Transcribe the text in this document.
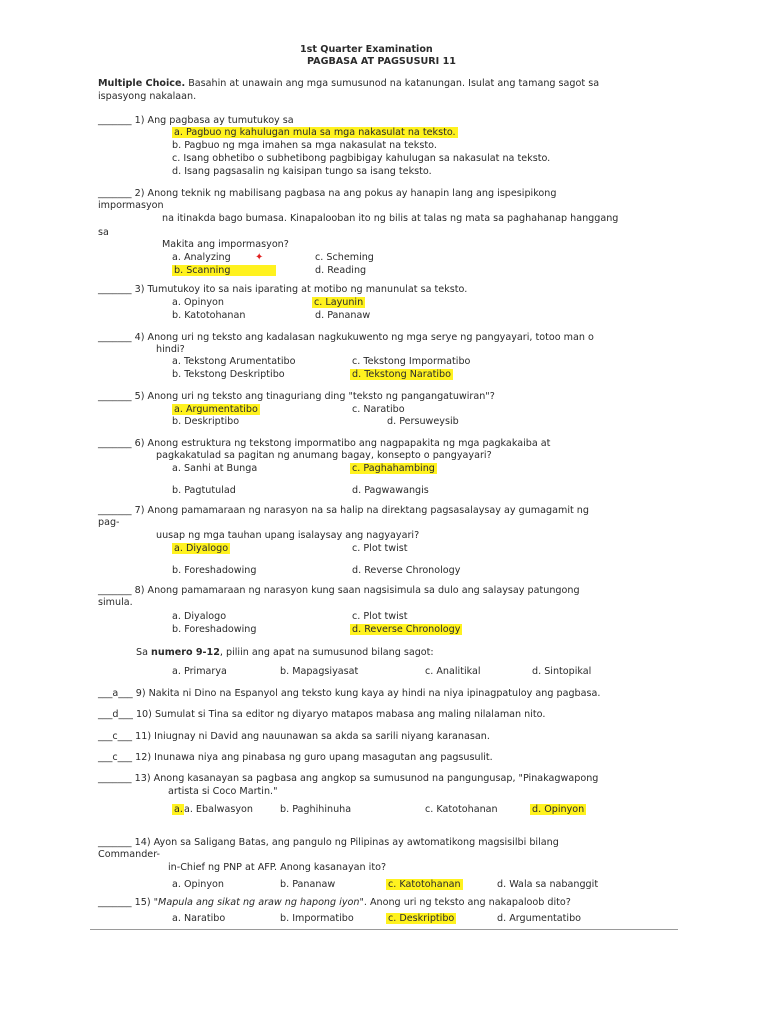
1st Quarter Examination
PAGBASA AT PAGSUSURI 11
Multiple Choice. Basahin at unawain ang mga sumusunod na katanungan. Isulat ang tamang sagot sa
ispasyong nakalaan.
_______ 1) Ang pagbasa ay tumutukoy sa
a. Pagbuo ng kahulugan mula sa mga nakasulat na teksto.
b. Pagbuo ng mga imahen sa mga nakasulat na teksto.
c. Isang obhetibo o subhetibong pagbibigay kahulugan sa nakasulat na teksto.
d. Isang pagsasalin ng kaisipan tungo sa isang teksto.
_______ 2) Anong teknik ng mabilisang pagbasa na ang pokus ay hanapin lang ang ispesipikong
impormasyon
na itinakda bago bumasa. Kinapalooban ito ng bilis at talas ng mata sa paghahanap hanggang
sa
Makita ang impormasyon?
a. Analyzing ✦	c. Scheming
b. Scanning	d. Reading
_______ 3) Tumutukoy ito sa nais iparating at motibo ng manunulat sa teksto.
a. Opinyon	c. Layunin
b. Katotohanan	d. Pananaw
_______ 4) Anong uri ng teksto ang kadalasan nagkukuwento ng mga serye ng pangyayari, totoo man o
hindi?
a. Tekstong Arumentatibo	c. Tekstong Impormatibo
b. Tekstong Deskriptibo	d. Tekstong Naratibo
_______ 5) Anong uri ng teksto ang tinaguriang ding "teksto ng pangangatuwiran"?
a. Argumentatibo	c. Naratibo
b. Deskriptibo	d. Persuweysib
_______ 6) Anong estruktura ng tekstong impormatibo ang nagpapakita ng mga pagkakaiba at
pagkakatulad sa pagitan ng anumang bagay, konsepto o pangyayari?
a. Sanhi at Bunga	c. Paghahambing
b. Pagtutulad	d. Pagwawangis
_______ 7) Anong pamamaraan ng narasyon na sa halip na direktang pagsasalaysay ay gumagamit ng
pag-
uusap ng mga tauhan upang isalaysay ang nagyayari?
a. Diyalogo	c. Plot twist
b. Foreshadowing	d. Reverse Chronology
_______ 8) Anong pamamaraan ng narasyon kung saan nagsisimula sa dulo ang salaysay patungong
simula.
a. Diyalogo	c. Plot twist
b. Foreshadowing	d. Reverse Chronology
Sa numero 9-12, piliin ang apat na sumusunod bilang sagot:
a. Primarya	b. Mapagsiyasat	c. Analitikal	d. Sintopikal
___a___ 9) Nakita ni Dino na Espanyol ang teksto kung kaya ay hindi na niya ipinagpatuloy ang pagbasa.
___d___ 10) Sumulat si Tina sa editor ng diyaryo matapos mabasa ang maling nilalaman nito.
___c___ 11) Iniugnay ni David ang nauunawan sa akda sa sarili niyang karanasan.
___c___ 12) Inunawa niya ang pinabasa ng guro upang masagutan ang pagsusulit.
_______ 13) Anong kasanayan sa pagbasa ang angkop sa sumusunod na pangungusap, "Pinakagwapong
artista si Coco Martin."
a.a. Ebalwasyon	b. Paghihinuha	c. Katotohanan	d. Opinyon
_______ 14) Ayon sa Saligang Batas, ang pangulo ng Pilipinas ay awtomatikong magsisilbi bilang
Commander-
in-Chief ng PNP at AFP. Anong kasanayan ito?
a. Opinyon	b. Pananaw	c. Katotohanan	d. Wala sa nabanggit
_______ 15) "Mapula ang sikat ng araw ng hapong iyon". Anong uri ng teksto ang nakapaloob dito?
a. Naratibo	b. Impormatibo	c. Deskriptibo	d. Argumentatibo
